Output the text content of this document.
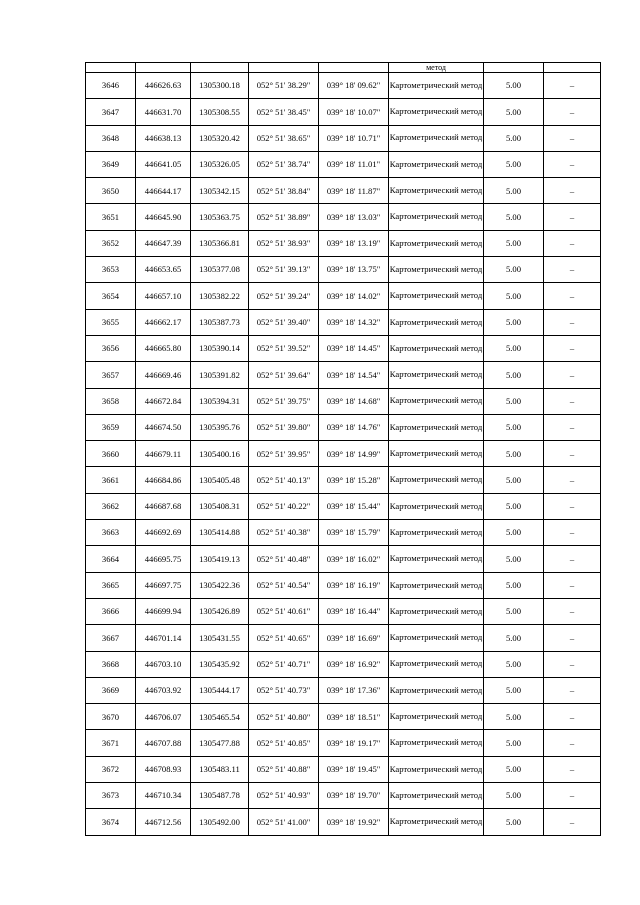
					метод		
3646	446626.63	1305300.18	052° 51' 38.29"	039° 18' 09.62"	Картометрический метод	5.00	–
3647	446631.70	1305308.55	052° 51' 38.45"	039° 18' 10.07"	Картометрический метод	5.00	–
3648	446638.13	1305320.42	052° 51' 38.65"	039° 18' 10.71"	Картометрический метод	5.00	–
3649	446641.05	1305326.05	052° 51' 38.74"	039° 18' 11.01"	Картометрический метод	5.00	–
3650	446644.17	1305342.15	052° 51' 38.84"	039° 18' 11.87"	Картометрический метод	5.00	–
3651	446645.90	1305363.75	052° 51' 38.89"	039° 18' 13.03"	Картометрический метод	5.00	–
3652	446647.39	1305366.81	052° 51' 38.93"	039° 18' 13.19"	Картометрический метод	5.00	–
3653	446653.65	1305377.08	052° 51' 39.13"	039° 18' 13.75"	Картометрический метод	5.00	–
3654	446657.10	1305382.22	052° 51' 39.24"	039° 18' 14.02"	Картометрический метод	5.00	–
3655	446662.17	1305387.73	052° 51' 39.40"	039° 18' 14.32"	Картометрический метод	5.00	–
3656	446665.80	1305390.14	052° 51' 39.52"	039° 18' 14.45"	Картометрический метод	5.00	–
3657	446669.46	1305391.82	052° 51' 39.64"	039° 18' 14.54"	Картометрический метод	5.00	–
3658	446672.84	1305394.31	052° 51' 39.75"	039° 18' 14.68"	Картометрический метод	5.00	–
3659	446674.50	1305395.76	052° 51' 39.80"	039° 18' 14.76"	Картометрический метод	5.00	–
3660	446679.11	1305400.16	052° 51' 39.95"	039° 18' 14.99"	Картометрический метод	5.00	–
3661	446684.86	1305405.48	052° 51' 40.13"	039° 18' 15.28"	Картометрический метод	5.00	–
3662	446687.68	1305408.31	052° 51' 40.22"	039° 18' 15.44"	Картометрический метод	5.00	–
3663	446692.69	1305414.88	052° 51' 40.38"	039° 18' 15.79"	Картометрический метод	5.00	–
3664	446695.75	1305419.13	052° 51' 40.48"	039° 18' 16.02"	Картометрический метод	5.00	–
3665	446697.75	1305422.36	052° 51' 40.54"	039° 18' 16.19"	Картометрический метод	5.00	–
3666	446699.94	1305426.89	052° 51' 40.61"	039° 18' 16.44"	Картометрический метод	5.00	–
3667	446701.14	1305431.55	052° 51' 40.65"	039° 18' 16.69"	Картометрический метод	5.00	–
3668	446703.10	1305435.92	052° 51' 40.71"	039° 18' 16.92"	Картометрический метод	5.00	–
3669	446703.92	1305444.17	052° 51' 40.73"	039° 18' 17.36"	Картометрический метод	5.00	–
3670	446706.07	1305465.54	052° 51' 40.80"	039° 18' 18.51"	Картометрический метод	5.00	–
3671	446707.88	1305477.88	052° 51' 40.85"	039° 18' 19.17"	Картометрический метод	5.00	–
3672	446708.93	1305483.11	052° 51' 40.88"	039° 18' 19.45"	Картометрический метод	5.00	–
3673	446710.34	1305487.78	052° 51' 40.93"	039° 18' 19.70"	Картометрический метод	5.00	–
3674	446712.56	1305492.00	052° 51' 41.00"	039° 18' 19.92"	Картометрический метод	5.00	–
